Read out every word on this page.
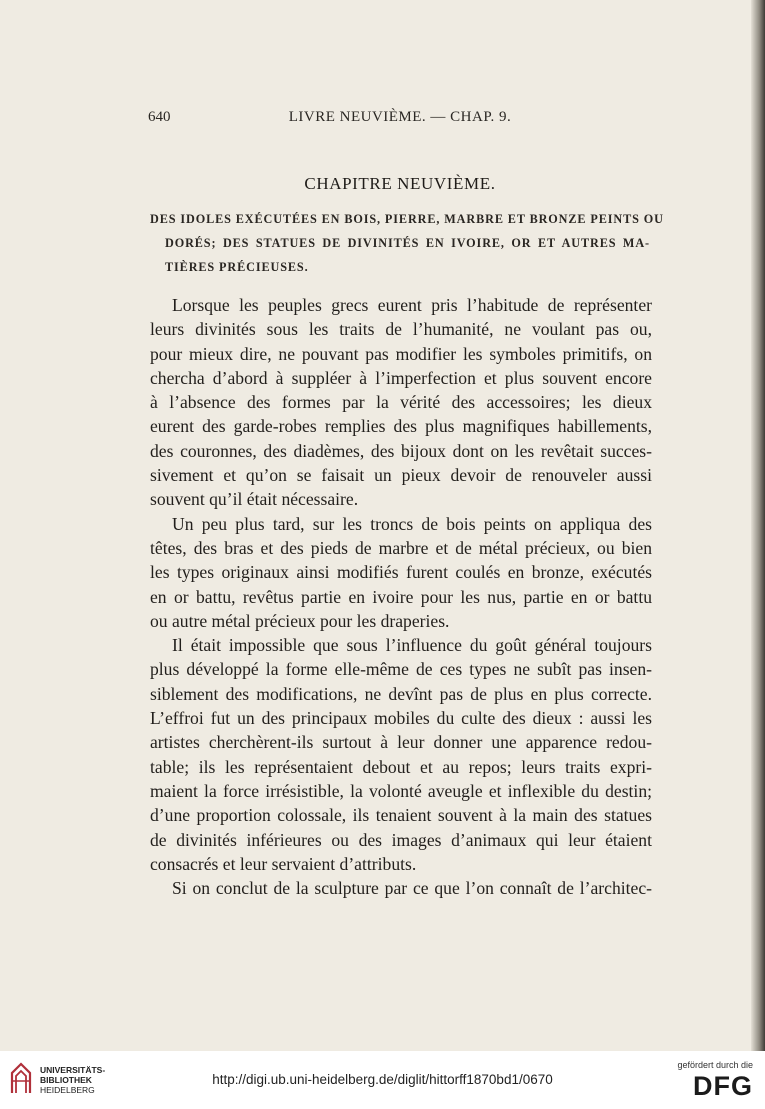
640	LIVRE NEUVIÈME. — CHAP. 9.
CHAPITRE NEUVIÈME.
DES IDOLES EXÉCUTÉES EN BOIS, PIERRE, MARBRE ET BRONZE PEINTS OU
DORÉS; DES STATUES DE DIVINITÉS EN IVOIRE, OR ET AUTRES MA-
TIÈRES PRÉCIEUSES.
Lorsque les peuples grecs eurent pris l’habitude de représenter
leurs divinités sous les traits de l’humanité, ne voulant pas ou,
pour mieux dire, ne pouvant pas modifier les symboles primitifs, on
chercha d’abord à suppléer à l’imperfection et plus souvent encore
à l’absence des formes par la vérité des accessoires; les dieux
eurent des garde-robes remplies des plus magnifiques habillements,
des couronnes, des diadèmes, des bijoux dont on les revêtait succes-
sivement et qu’on se faisait un pieux devoir de renouveler aussi
souvent qu’il était nécessaire.
Un peu plus tard, sur les troncs de bois peints on appliqua des
têtes, des bras et des pieds de marbre et de métal précieux, ou bien
les types originaux ainsi modifiés furent coulés en bronze, exécutés
en or battu, revêtus partie en ivoire pour les nus, partie en or battu
ou autre métal précieux pour les draperies.
Il était impossible que sous l’influence du goût général toujours
plus développé la forme elle-même de ces types ne subît pas insen-
siblement des modifications, ne devînt pas de plus en plus correcte.
L’effroi fut un des principaux mobiles du culte des dieux : aussi les
artistes cherchèrent-ils surtout à leur donner une apparence redou-
table; ils les représentaient debout et au repos; leurs traits expri-
maient la force irrésistible, la volonté aveugle et inflexible du destin;
d’une proportion colossale, ils tenaient souvent à la main des statues
de divinités inférieures ou des images d’animaux qui leur étaient
consacrés et leur servaient d’attributs.
Si on conclut de la sculpture par ce que l’on connaît de l’architec-
UNIVERSITÄTS-
BIBLIOTHEK
HEIDELBERG
http://digi.ub.uni-heidelberg.de/diglit/hittorff1870bd1/0670
gefördert durch die
DFG
